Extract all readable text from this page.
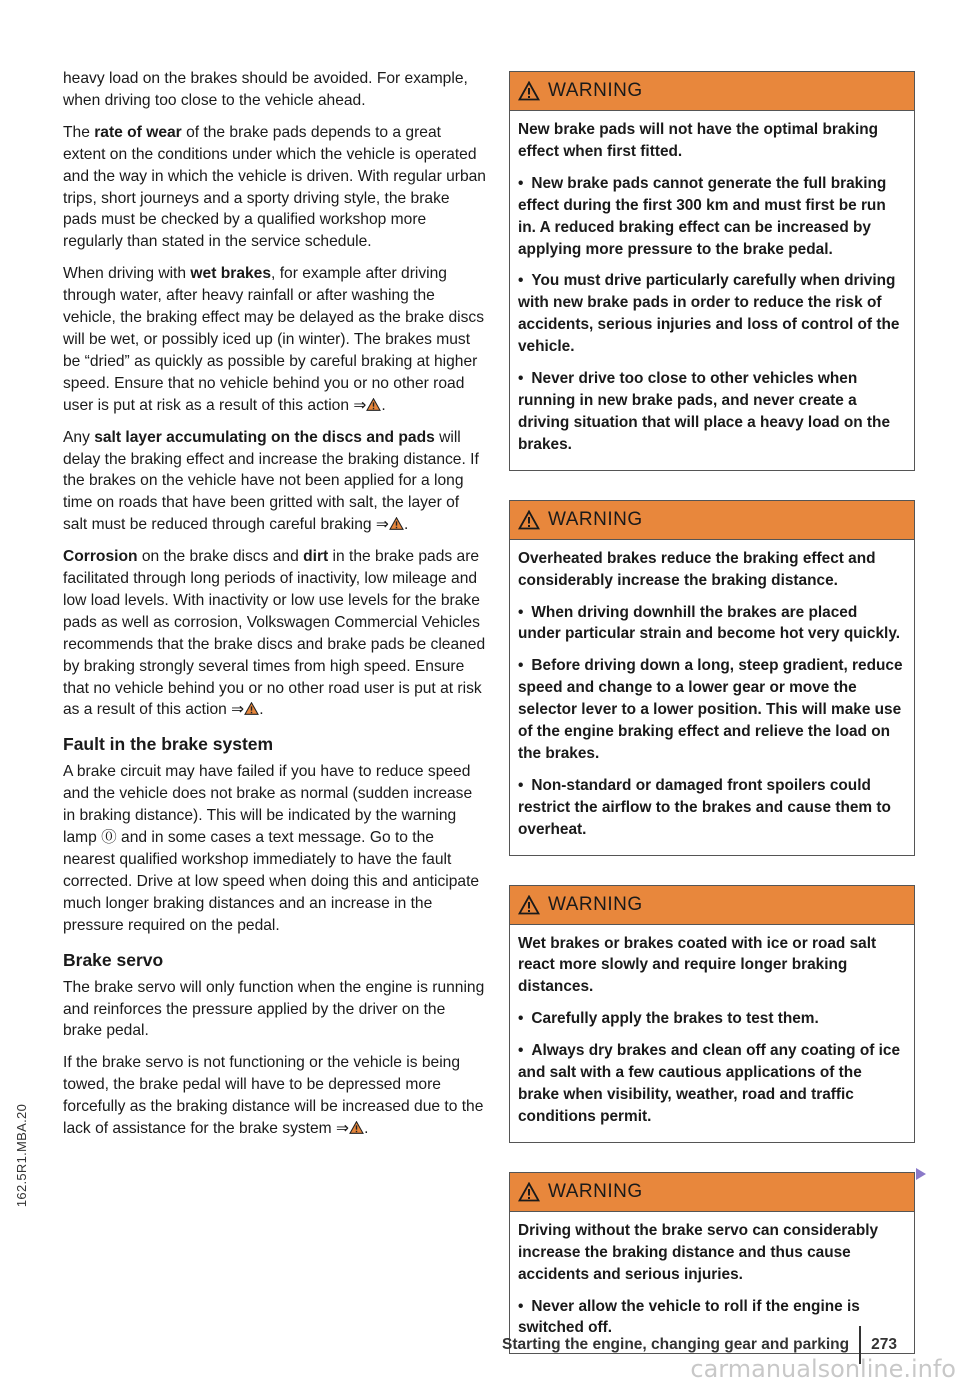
162.5R1.MBA.20

heavy load on the brakes should be avoided. For example, when driving too close to the vehicle ahead.

The rate of wear of the brake pads depends to a great extent on the conditions under which the vehicle is operated and the way in which the vehicle is driven. With regular urban trips, short journeys and a sporty driving style, the brake pads must be checked by a qualified workshop more regularly than stated in the service schedule.

When driving with wet brakes, for example after driving through water, after heavy rainfall or after washing the vehicle, the braking effect may be delayed as the brake discs will be wet, or possibly iced up (in winter). The brakes must be “dried” as quickly as possible by careful braking at higher speed. Ensure that no vehicle behind you or no other road user is put at risk as a result of this action ⇒ .

Any salt layer accumulating on the discs and pads will delay the braking effect and increase the braking distance. If the brakes on the vehicle have not been applied for a long time on roads that have been gritted with salt, the layer of salt must be reduced through careful braking ⇒ .

Corrosion on the brake discs and dirt in the brake pads are facilitated through long periods of inactivity, low mileage and low load levels. With inactivity or low use levels for the brake pads as well as corrosion, Volkswagen Commercial Vehicles recommends that the brake discs and brake pads be cleaned by braking strongly several times from high speed. Ensure that no vehicle behind you or no other road user is put at risk as a result of this action ⇒ .

Fault in the brake system

A brake circuit may have failed if you have to reduce speed and the vehicle does not brake as normal (sudden increase in braking distance). This will be indicated by the warning lamp ⓪ and in some cases a text message. Go to the nearest qualified workshop immediately to have the fault corrected. Drive at low speed when doing this and anticipate much longer braking distances and an increase in the pressure required on the pedal.

Brake servo

The brake servo will only function when the engine is running and reinforces the pressure applied by the driver on the brake pedal.

If the brake servo is not functioning or the vehicle is being towed, the brake pedal will have to be depressed more forcefully as the braking distance will be increased due to the lack of assistance for the brake system ⇒ .

WARNING

New brake pads will not have the optimal braking effect when first fitted.

• New brake pads cannot generate the full braking effect during the first 300 km and must first be run in. A reduced braking effect can be increased by applying more pressure to the brake pedal.

• You must drive particularly carefully when driving with new brake pads in order to reduce the risk of accidents, serious injuries and loss of control of the vehicle.

• Never drive too close to other vehicles when running in new brake pads, and never create a driving situation that will place a heavy load on the brakes.

WARNING

Overheated brakes reduce the braking effect and considerably increase the braking distance.

• When driving downhill the brakes are placed under particular strain and become hot very quickly.

• Before driving down a long, steep gradient, reduce speed and change to a lower gear or move the selector lever to a lower position. This will make use of the engine braking effect and relieve the load on the brakes.

• Non-standard or damaged front spoilers could restrict the airflow to the brakes and cause them to overheat.

WARNING

Wet brakes or brakes coated with ice or road salt react more slowly and require longer braking distances.

• Carefully apply the brakes to test them.

• Always dry brakes and clean off any coating of ice and salt with a few cautious applications of the brake when visibility, weather, road and traffic conditions permit.

WARNING

Driving without the brake servo can considerably increase the braking distance and thus cause accidents and serious injuries.

• Never allow the vehicle to roll if the engine is switched off.

Starting the engine, changing gear and parking 273
carmanualsonline.info
